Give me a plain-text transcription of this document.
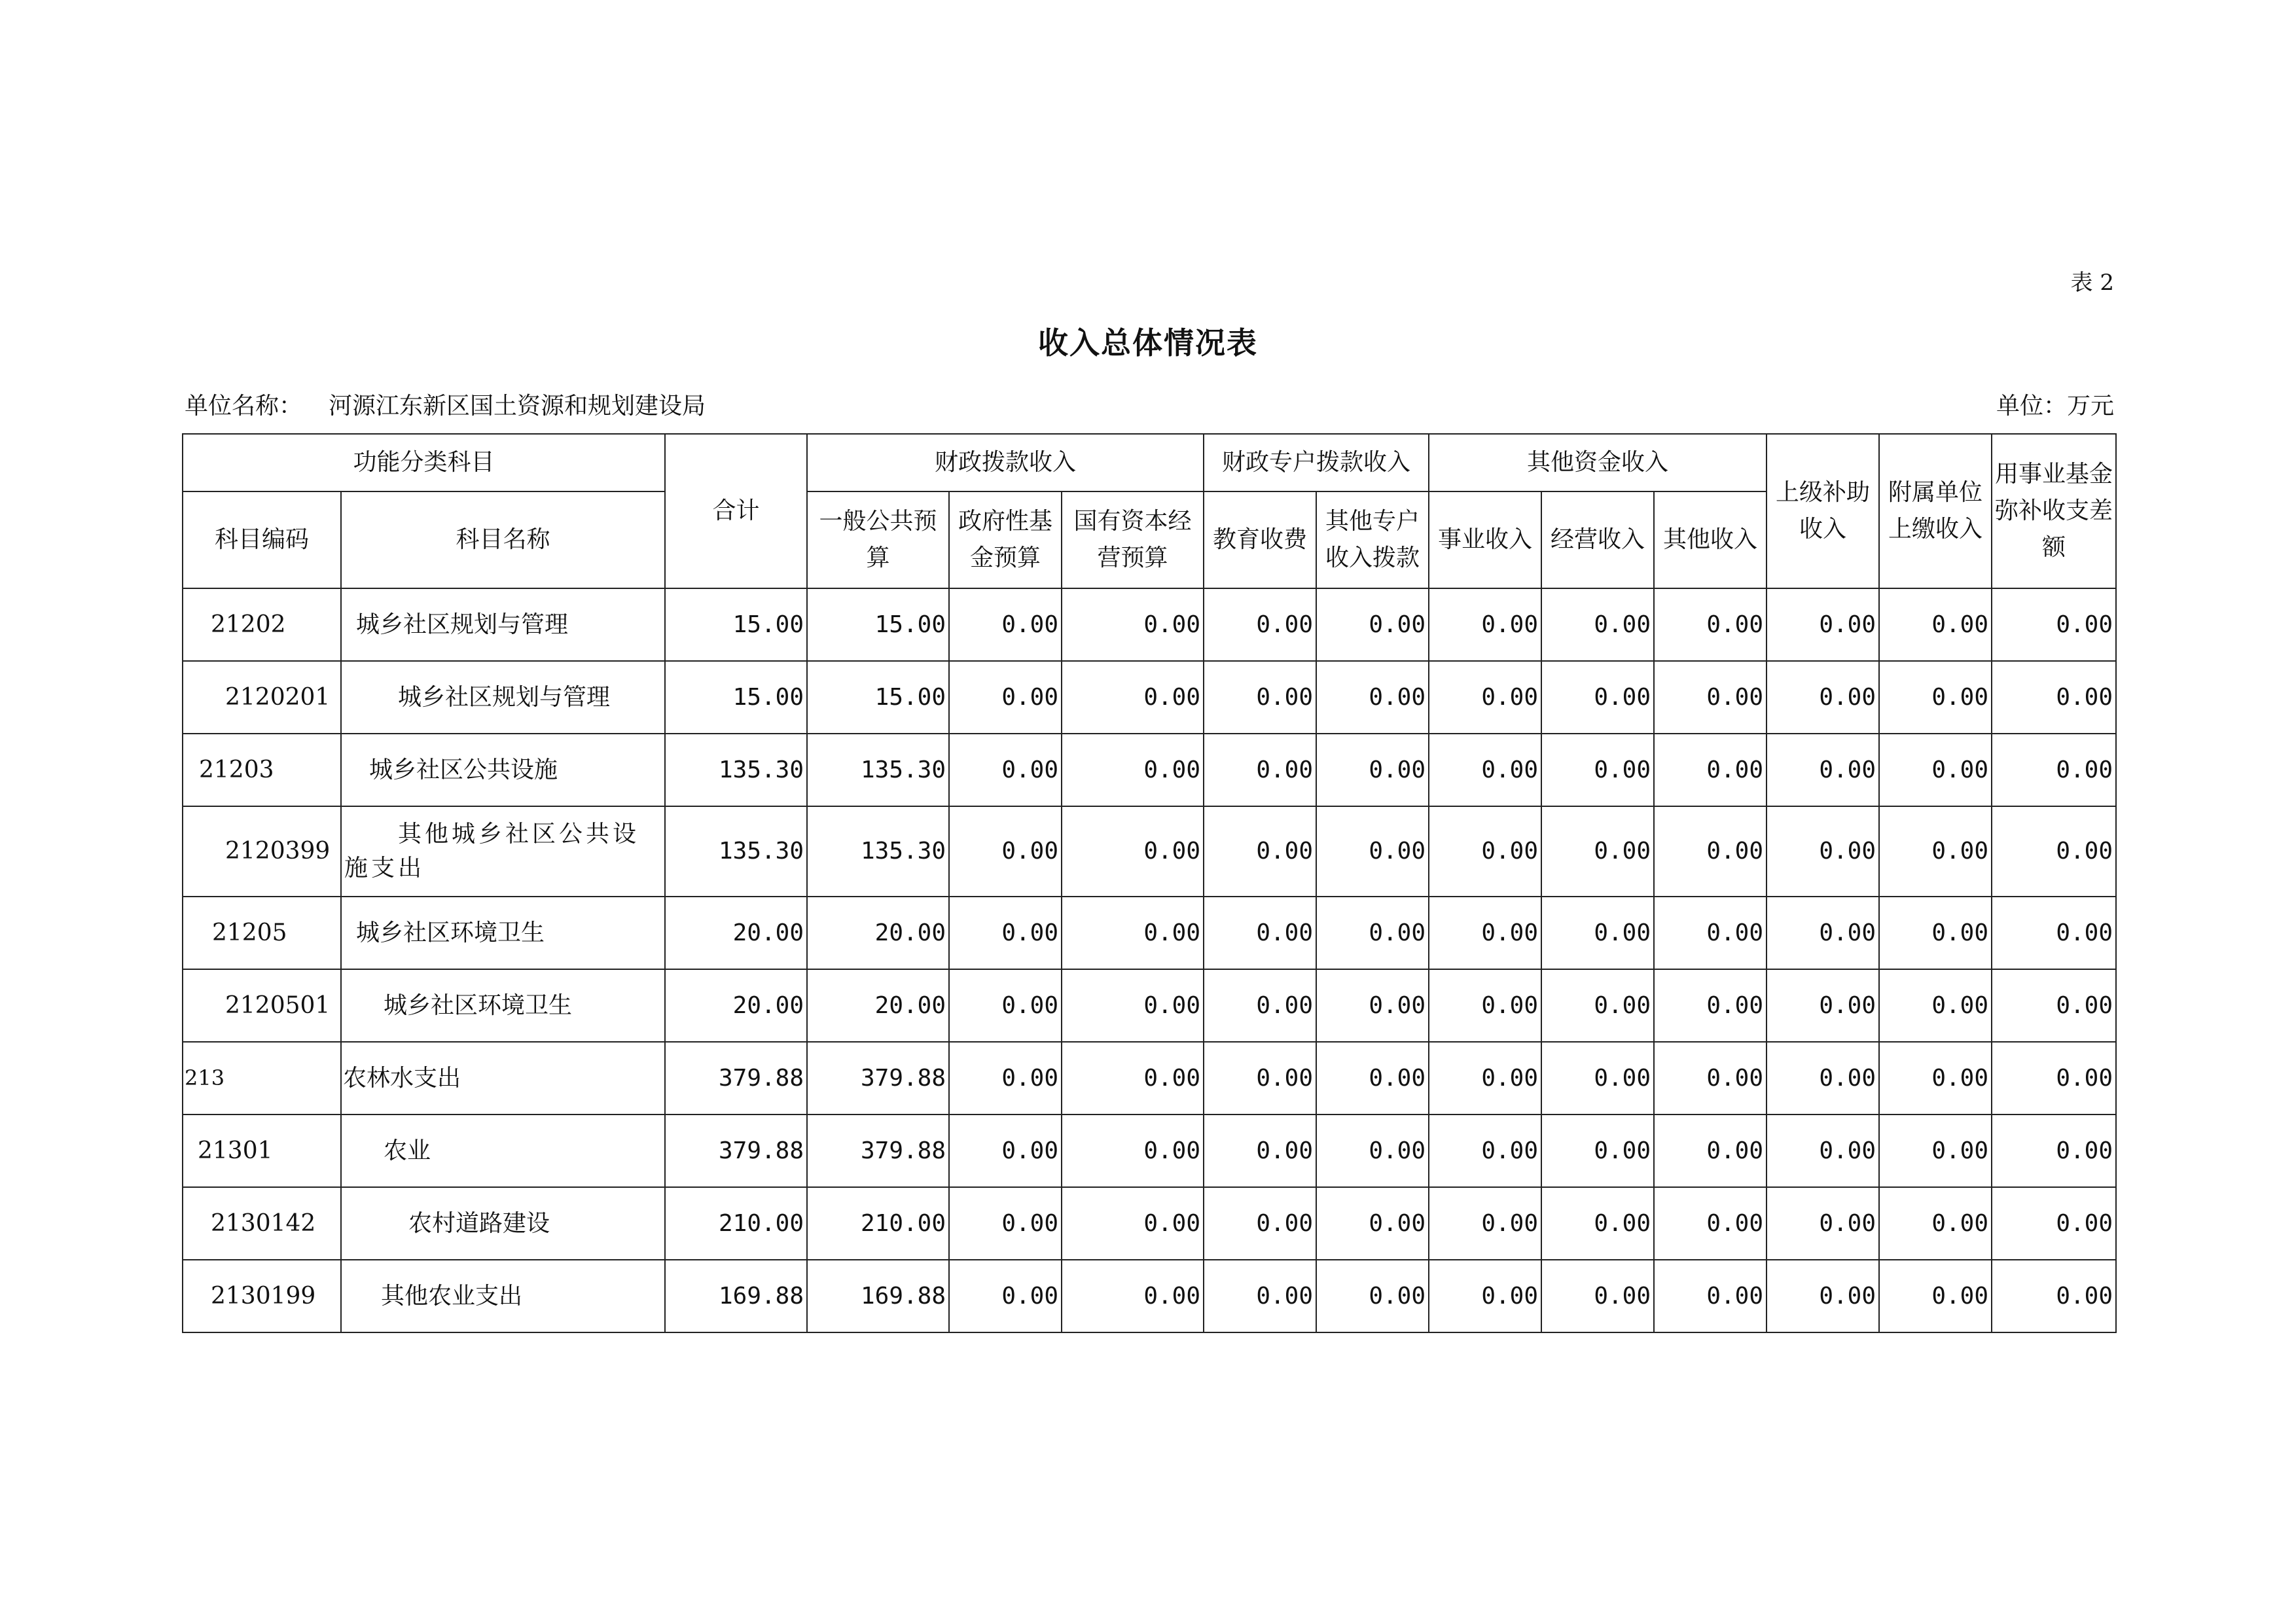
表 2
收入总体情况表
单位名称： 河源江东新区国土资源和规划建设局	单位：万元
功能分类科目		合计	财政拨款收入			财政专户拨款收入		其他资金收入			上级补助收入	附属单位上缴收入	用事业基金弥补收支差额
科目编码	科目名称		一般公共预算	政府性基金预算	国有资本经营预算	教育收费	其他专户收入拨款	事业收入	经营收入	其他收入			
21202	城乡社区规划与管理	15.00	15.00	0.00	0.00	0.00	0.00	0.00	0.00	0.00	0.00	0.00	0.00
2120201	城乡社区规划与管理	15.00	15.00	0.00	0.00	0.00	0.00	0.00	0.00	0.00	0.00	0.00	0.00
21203	城乡社区公共设施	135.30	135.30	0.00	0.00	0.00	0.00	0.00	0.00	0.00	0.00	0.00	0.00
2120399	其他城乡社区公共设施支出	135.30	135.30	0.00	0.00	0.00	0.00	0.00	0.00	0.00	0.00	0.00	0.00
21205	城乡社区环境卫生	20.00	20.00	0.00	0.00	0.00	0.00	0.00	0.00	0.00	0.00	0.00	0.00
2120501	城乡社区环境卫生	20.00	20.00	0.00	0.00	0.00	0.00	0.00	0.00	0.00	0.00	0.00	0.00
213	农林水支出	379.88	379.88	0.00	0.00	0.00	0.00	0.00	0.00	0.00	0.00	0.00	0.00
21301	农业	379.88	379.88	0.00	0.00	0.00	0.00	0.00	0.00	0.00	0.00	0.00	0.00
2130142	农村道路建设	210.00	210.00	0.00	0.00	0.00	0.00	0.00	0.00	0.00	0.00	0.00	0.00
2130199	其他农业支出	169.88	169.88	0.00	0.00	0.00	0.00	0.00	0.00	0.00	0.00	0.00	0.00
